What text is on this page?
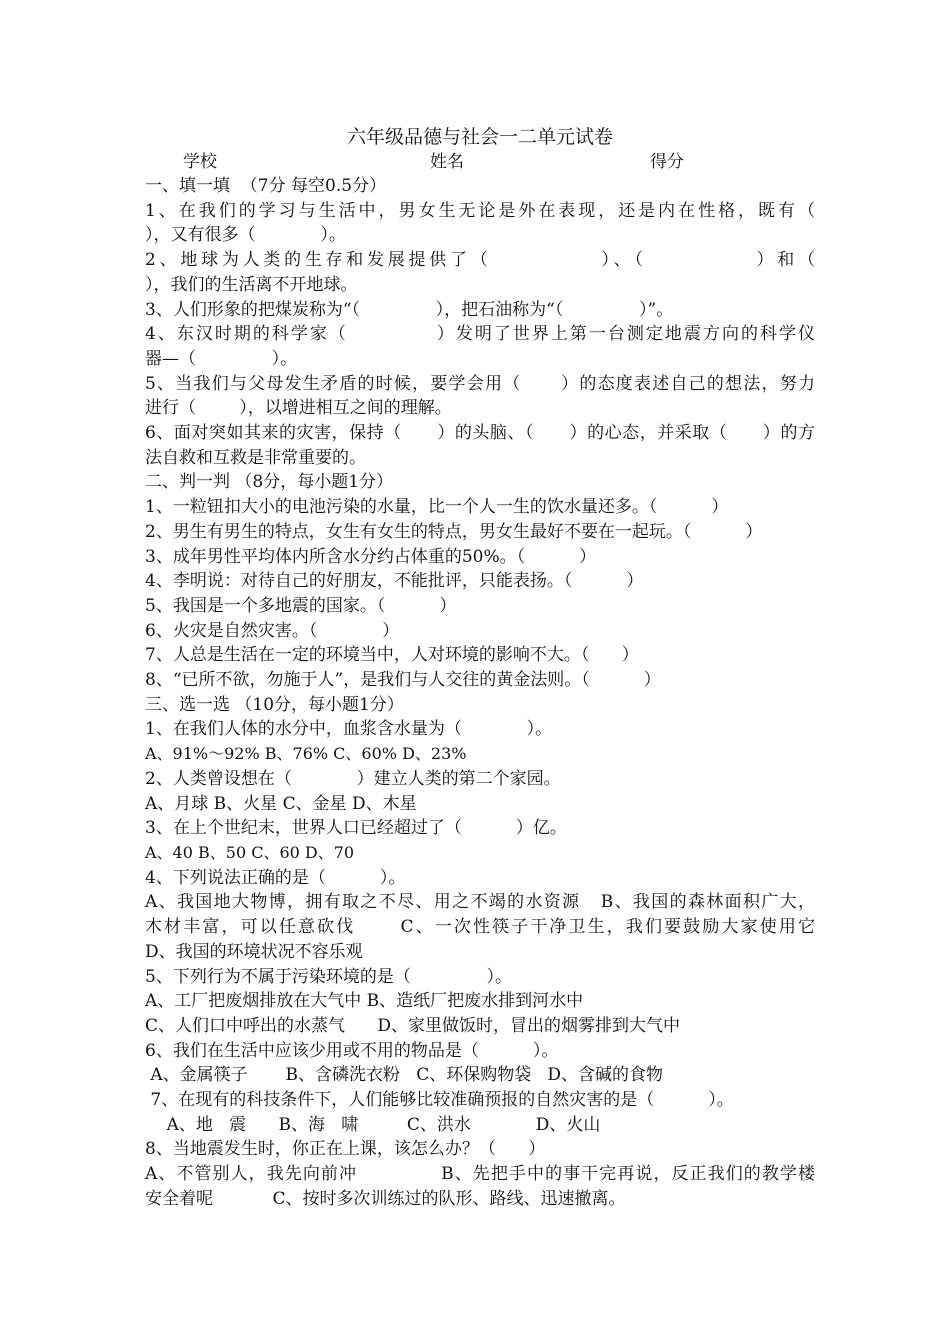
六年级品德与社会一二单元试卷
学校	姓名	得分

一、填一填  （7分 每空0.5分）

1、在我们的学习与生活中，男女生无论是外在表现，还是内在性格，既有（

），又有很多（            ）。

2、地球为人类的生存和发展提供了（            ）、（            ）和（

），我们的生活离不开地球。

3、人们形象的把煤炭称为“（              ），把石油称为“（              ）”。

4、东汉时期的科学家（            ）发明了世界上第一台测定地震方向的科学仪

器—（              ）。

5、当我们与父母发生矛盾的时候，要学会用（      ）的态度表述自己的想法，努力

进行（        ），以增进相互之间的理解。

6、面对突如其来的灾害，保持（      ）的头脑、（      ）的心态，并采取（      ）的方

法自救和互救是非常重要的。

二、判一判 （8分，每小题1分）

1、一粒钮扣大小的电池污染的水量，比一个人一生的饮水量还多。（          ）

2、男生有男生的特点，女生有女生的特点，男女生最好不要在一起玩。（          ）

3、成年男性平均体内所含水分约占体重的50%。（          ）

4、李明说：对待自己的好朋友，不能批评，只能表扬。（          ）

5、我国是一个多地震的国家。（          ）

6、火灾是自然灾害。（            ）

7、人总是生活在一定的环境当中，人对环境的影响不大。（      ）

8、“已所不欲，勿施于人”，是我们与人交往的黄金法则。（          ）

三、选一选 （10分，每小题1分）

1、在我们人体的水分中，血浆含水量为（            ）。

A、91%～92% B、76% C、60% D、23%

2、人类曾设想在（            ）建立人类的第二个家园。

A、月球 B、火星 C、金星 D、木星

3、在上个世纪末，世界人口已经超过了（          ）亿。

A、40 B、50 C、60 D、70

4、下列说法正确的是（          ）。

A、我国地大物博，拥有取之不尽、用之不竭的水资源   B、我国的森林面积广大，

木材丰富，可以任意砍伐      C、一次性筷子干净卫生，我们要鼓励大家使用它

D、我国的环境状况不容乐观

5、下列行为不属于污染环境的是（              ）。

A、工厂把废烟排放在大气中 B、造纸厂把废水排到河水中

C、人们口中呼出的水蒸气      D、家里做饭时，冒出的烟雾排到大气中

6、我们在生活中应该少用或不用的物品是（          ）。

A、金属筷子       B、含磷洗衣粉   C、环保购物袋   D、含碱的食物

7、在现有的科技条件下，人们能够比较准确预报的自然灾害的是（          ）。

A、地   震      B、海   啸         C、洪水            D、火山

8、当地震发生时，你正在上课，该怎么办？（      ）

A、不管别人，我先向前冲             B、先把手中的事干完再说，反正我们的教学楼

安全着呢           C、按时多次训练过的队形、路线、迅速撤离。
